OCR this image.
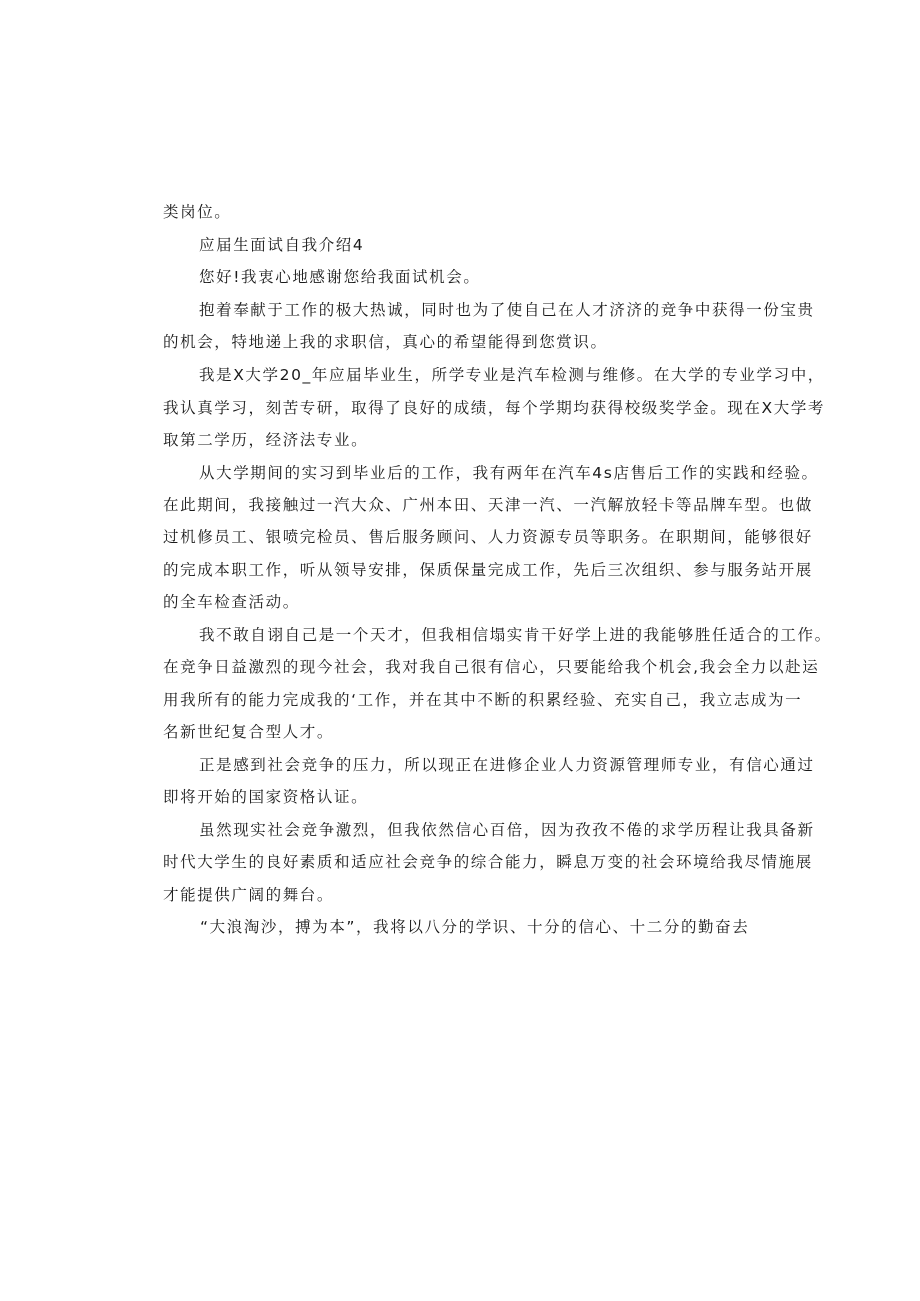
类岗位。
应届生面试自我介绍4
您好!我衷心地感谢您给我面试机会。
抱着奉献于工作的极大热诚，同时也为了使自己在人才济济的竞争中获得一份宝贵
的机会，特地递上我的求职信，真心的希望能得到您赏识。
我是X大学20_年应届毕业生，所学专业是汽车检测与维修。在大学的专业学习中，
我认真学习，刻苦专研，取得了良好的成绩，每个学期均获得校级奖学金。现在X大学考
取第二学历，经济法专业。
从大学期间的实习到毕业后的工作，我有两年在汽车4s店售后工作的实践和经验。
在此期间，我接触过一汽大众、广州本田、天津一汽、一汽解放轻卡等品牌车型。也做
过机修员工、银喷完检员、售后服务顾问、人力资源专员等职务。在职期间，能够很好
的完成本职工作，听从领导安排，保质保量完成工作，先后三次组织、参与服务站开展
的全车检查活动。
我不敢自诩自己是一个天才，但我相信塌实肯干好学上进的我能够胜任适合的工作。
在竞争日益激烈的现今社会，我对我自己很有信心，只要能给我个机会,我会全力以赴运
用我所有的能力完成我的‘工作，并在其中不断的积累经验、充实自己，我立志成为一
名新世纪复合型人才。
正是感到社会竞争的压力，所以现正在进修企业人力资源管理师专业，有信心通过
即将开始的国家资格认证。
虽然现实社会竞争激烈，但我依然信心百倍，因为孜孜不倦的求学历程让我具备新
时代大学生的良好素质和适应社会竞争的综合能力，瞬息万变的社会环境给我尽情施展
才能提供广阔的舞台。
“大浪淘沙，搏为本”，我将以八分的学识、十分的信心、十二分的勤奋去
